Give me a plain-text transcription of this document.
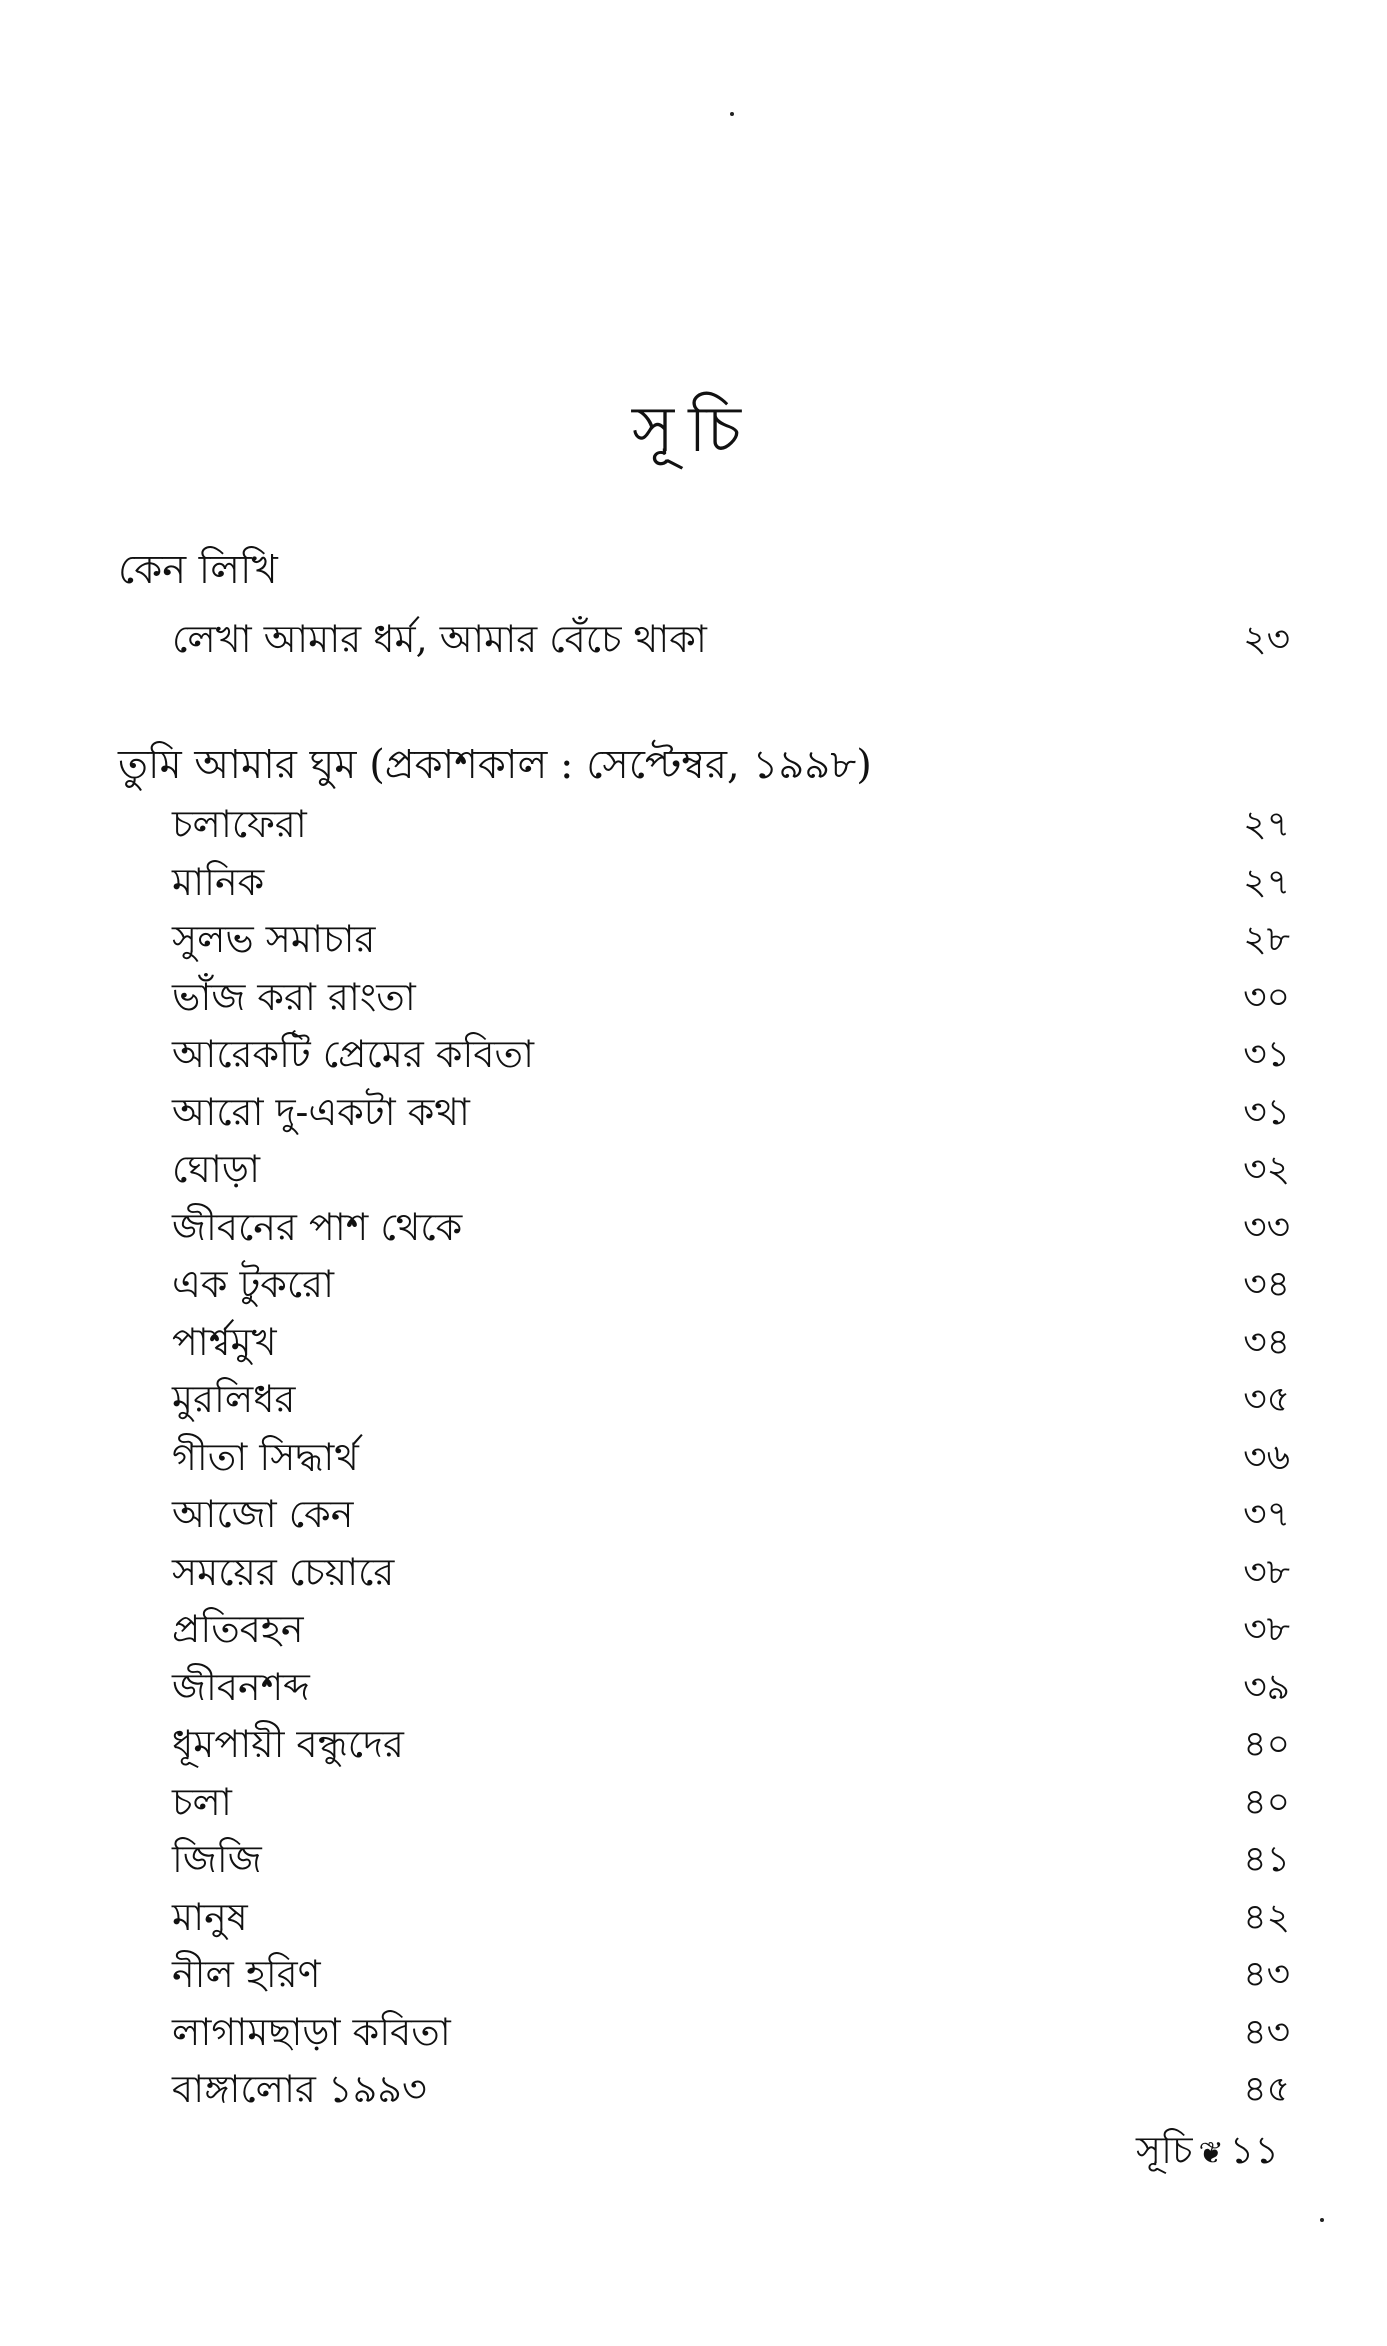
সূচি
কেন লিখি
লেখা আমার ধর্ম, আমার বেঁচে থাকা	২৩
তুমি আমার ঘুম (প্রকাশকাল : সেপ্টেম্বর, ১৯৯৮)
চলাফেরা	২৭
মানিক	২৭
সুলভ সমাচার	২৮
ভাঁজ করা রাংতা	৩০
আরেকটি প্রেমের কবিতা	৩১
আরো দু-একটা কথা	৩১
ঘোড়া	৩২
জীবনের পাশ থেকে	৩৩
এক টুকরো	৩৪
পার্শ্বমুখ	৩৪
মুরলিধর	৩৫
গীতা সিদ্ধার্থ	৩৬
আজো কেন	৩৭
সময়ের চেয়ারে	৩৮
প্রতিবহন	৩৮
জীবনশব্দ	৩৯
ধূমপায়ী বন্ধুদের	৪০
চলা	৪০
জিজি	৪১
মানুষ	৪২
নীল হরিণ	৪৩
লাগামছাড়া কবিতা	৪৩
বাঙ্গালোর ১৯৯৩	৪৫
সূচি ❦ ১১
